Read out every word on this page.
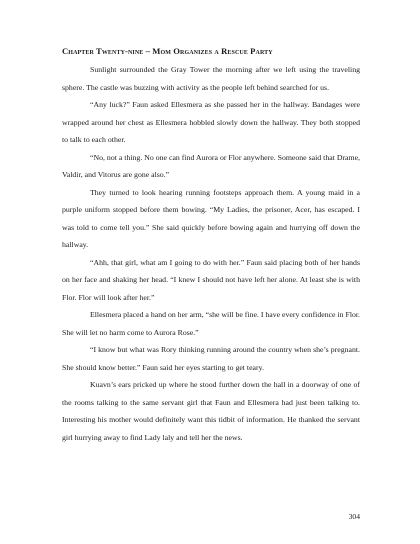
Chapter Twenty-nine – Mom Organizes a Rescue Party

Sunlight surrounded the Gray Tower the morning after we left using the traveling sphere. The castle was buzzing with activity as the people left behind searched for us.

“Any luck?” Faun asked Ellesmera as she passed her in the hallway. Bandages were wrapped around her chest as Ellesmera hobbled slowly down the hallway. They both stopped to talk to each other.

“No, not a thing. No one can find Aurora or Flor anywhere. Someone said that Drame, Valdir, and Vitorus are gone also.”

They turned to look hearing running footsteps approach them. A young maid in a purple uniform stopped before them bowing. “My Ladies, the prisoner, Acer, has escaped. I was told to come tell you.” She said quickly before bowing again and hurrying off down the hallway.

“Ahh, that girl, what am I going to do with her.” Faun said placing both of her hands on her face and shaking her head. “I knew I should not have left her alone. At least she is with Flor. Flor will look after her.”

Ellesmera placed a hand on her arm, “she will be fine. I have every confidence in Flor. She will let no harm come to Aurora Rose.”

“I know but what was Rory thinking running around the country when she’s pregnant. She should know better.” Faun said her eyes starting to get teary.

Kuavn’s ears pricked up where he stood further down the hall in a doorway of one of the rooms talking to the same servant girl that Faun and Ellesmera had just been talking to. Interesting his mother would definitely want this tidbit of information. He thanked the servant girl hurrying away to find Lady laly and tell her the news.

304
